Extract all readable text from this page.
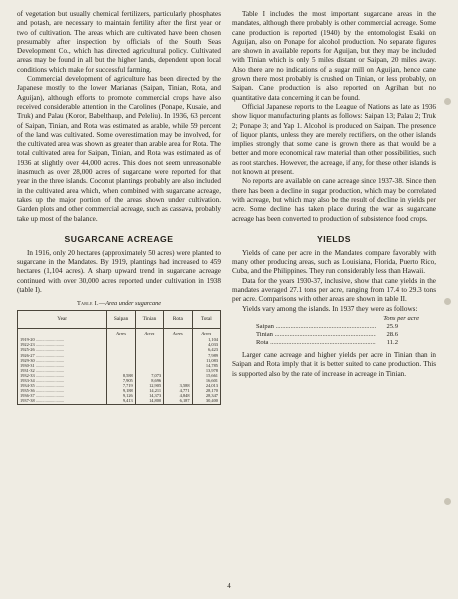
of vegetation but usually chemical fertilizers, particularly phosphates and potash, are necessary to maintain fertility after the first year or two of cultivation. The areas which are cultivated have been chosen presumably after inspection by officials of the South Seas Development Co., which has directed agricultural policy. Cultivated areas may be found in all but the higher lands, dependent upon local conditions which make for successful farming.

Commercial development of agriculture has been directed by the Japanese mostly to the lower Marianas (Saipan, Tinian, Rota, and Aguijan), although efforts to promote commercial crops have also received considerable attention in the Carolines (Ponape, Kusaie, and Truk) and Palau (Koror, Babelthaup, and Peleliu). In 1936, 63 percent of Saipan, Tinian, and Rota was estimated as arable, while 59 percent of the land was cultivated. Some overestimation may be involved, for the cultivated area was shown as greater than arable area for Rota. The total cultivated area for Saipan, Tinian, and Rota was estimated as of 1936 at slightly over 44,000 acres. This does not seem unreasonable inasmuch as over 28,000 acres of sugarcane were reported for that year in the three islands. Coconut plantings probably are also included in the cultivated area which, when combined with sugarcane acreage, takes up the major portion of the areas shown under cultivation. Garden plots and other commercial acreage, such as cassava, probably take up most of the balance.

SUGARCANE ACREAGE

In 1916, only 20 hectares (approximately 50 acres) were planted to sugarcane in the Mandates. By 1919, plantings had increased to 459 hectares (1,104 acres). A sharp upward trend in sugarcane acreage continued with over 30,000 acres reported under cultivation in 1938 (table I).

Table I.—Area under sugarcane
Year	Saipan	Tinian	Rota	Total
	Acres	Acres	Acres	Acres
1919-20 ..........................				1,104
1922-23 ..........................				4,033
1925-26 ..........................				6,423
1926-27 ..........................				7,989
1929-30 ..........................				11,083
1930-31 ..........................				14,785
1931-32 ..........................				13,978
1932-33 ..........................	8,588	7,073		15,661
1933-34 ..........................	7,905	8,696		16,601
1934-35 ..........................	7,719	12,905	3,588	24,013
1935-36 ..........................	9,188	14,211	4,771	28,170
1936-37 ..........................	9,126	14,373	4,848	28,347
1937-38 ..........................	9,413	14,800	6,187	30,400

Table I includes the most important sugarcane areas in the mandates, although there probably is other commercial acreage. Some cane production is reported (1940) by the entomologist Esaki on Aguijan, also on Ponape for alcohol production. No separate figures are shown in available reports for Aguijan, but they may be included with Tinian which is only 5 miles distant or Saipan, 20 miles away. Also there are no indications of a sugar mill on Aguijan, hence cane grown there most probably is crushed on Tinian, or less probably, on Saipan. Cane production is also reported on Agrihan but no quantitative data concerning it can be found.

Official Japanese reports to the League of Nations as late as 1936 show liquor manufacturing plants as follows: Saipan 13; Palau 2; Truk 2; Ponape 3; and Yap 1. Alcohol is produced on Saipan. The presence of liquor plants, unless they are merely rectifiers, on the other islands implies strongly that some cane is grown there as that would be a better and more economical raw material than other possibilities, such as root starches. However, the acreage, if any, for these other islands is not known at present.

No reports are available on cane acreage since 1937-38. Since then there has been a decline in sugar production, which may be correlated with acreage, but which may also be the result of decline in yields per acre. Some decline has taken place during the war as sugarcane acreage has been converted to production of subsistence food crops.

YIELDS

Yields of cane per acre in the Mandates compare favorably with many other producing areas, such as Louisiana, Florida, Puerto Rico, Cuba, and the Philippines. They run considerably less than Hawaii.

Data for the years 1930-37, inclusive, show that cane yields in the mandates averaged 27.1 tons per acre, ranging from 17.4 to 29.3 tons per acre. Comparisons with other areas are shown in table II.

Yields vary among the islands. In 1937 they were as follows:

Tons per acre
Saipan .....	25.9
Tinian .....	28.6
Rota .....	11.2

Larger cane acreage and higher yields per acre in Tinian than in Saipan and Rota imply that it is better suited to cane production. This is supported also by the rate of increase in acreage in Tinian.

4
